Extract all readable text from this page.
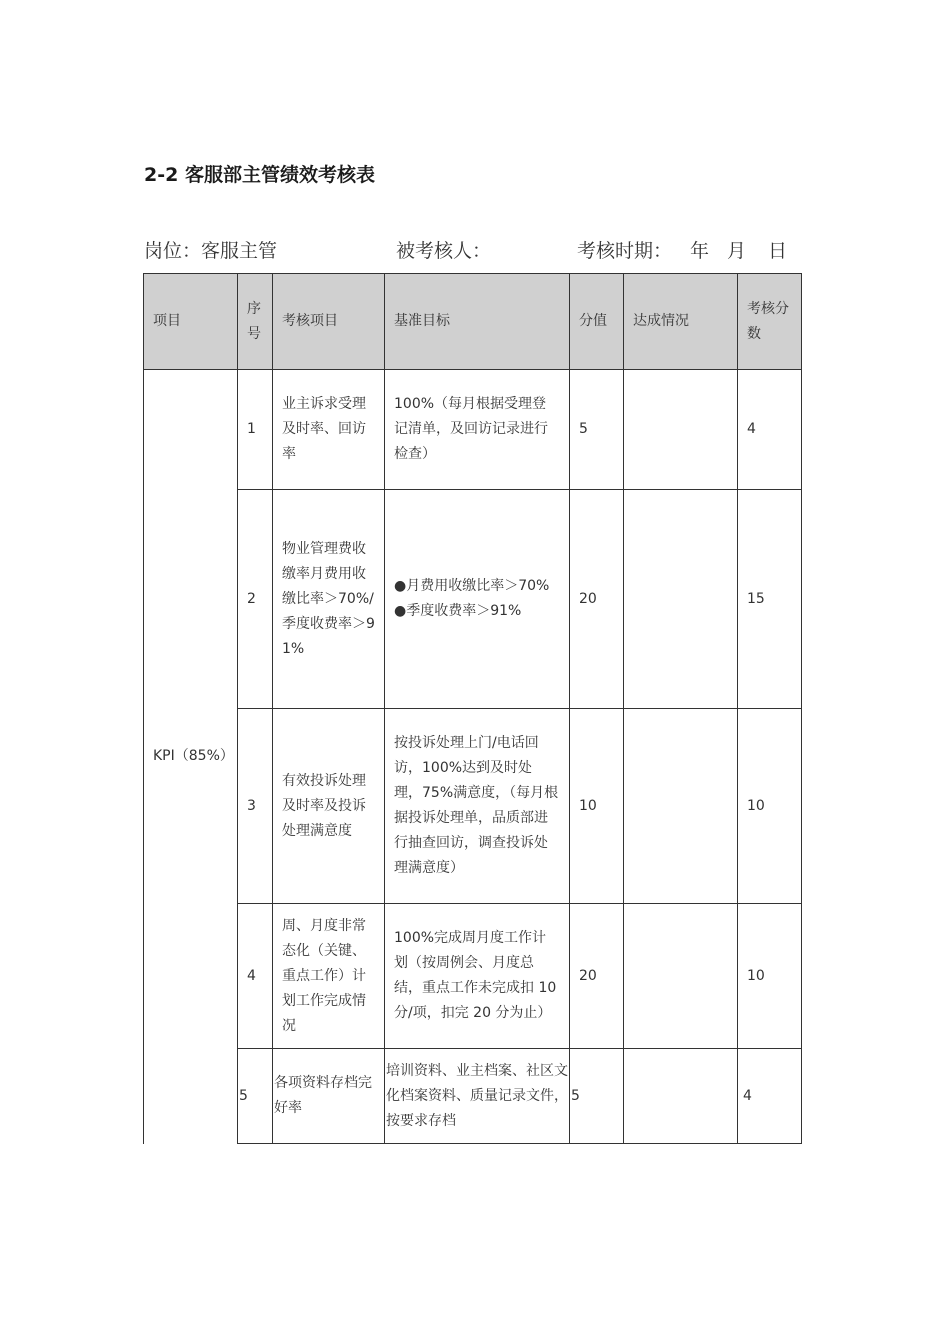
2-2 客服部主管绩效考核表
岗位：客服主管	被考核人：	考核时期： 年 月 日
项目	序号	考核项目	基准目标	分值	达成情况	考核分数
KPI（85%）	1	业主诉求受理及时率、回访率	100%（每月根据受理登记清单，及回访记录进行检查）	5		4
	2	物业管理费收缴率月费用收缴比率＞70%/季度收费率＞91%	●月费用收缴比率＞70%
●季度收费率＞91%	20		15
	3	有效投诉处理及时率及投诉处理满意度	按投诉处理上门/电话回访，100%达到及时处理，75%满意度，（每月根据投诉处理单，品质部进行抽查回访，调查投诉处理满意度）	10		10
	4	周、月度非常态化（关键、重点工作）计划工作完成情况	100%完成周月度工作计划（按周例会、月度总结，重点工作未完成扣 10 分/项，扣完 20 分为止）	20		10
	5	各项资料存档完好率	培训资料、业主档案、社区文化档案资料、质量记录文件，按要求存档	5		4
